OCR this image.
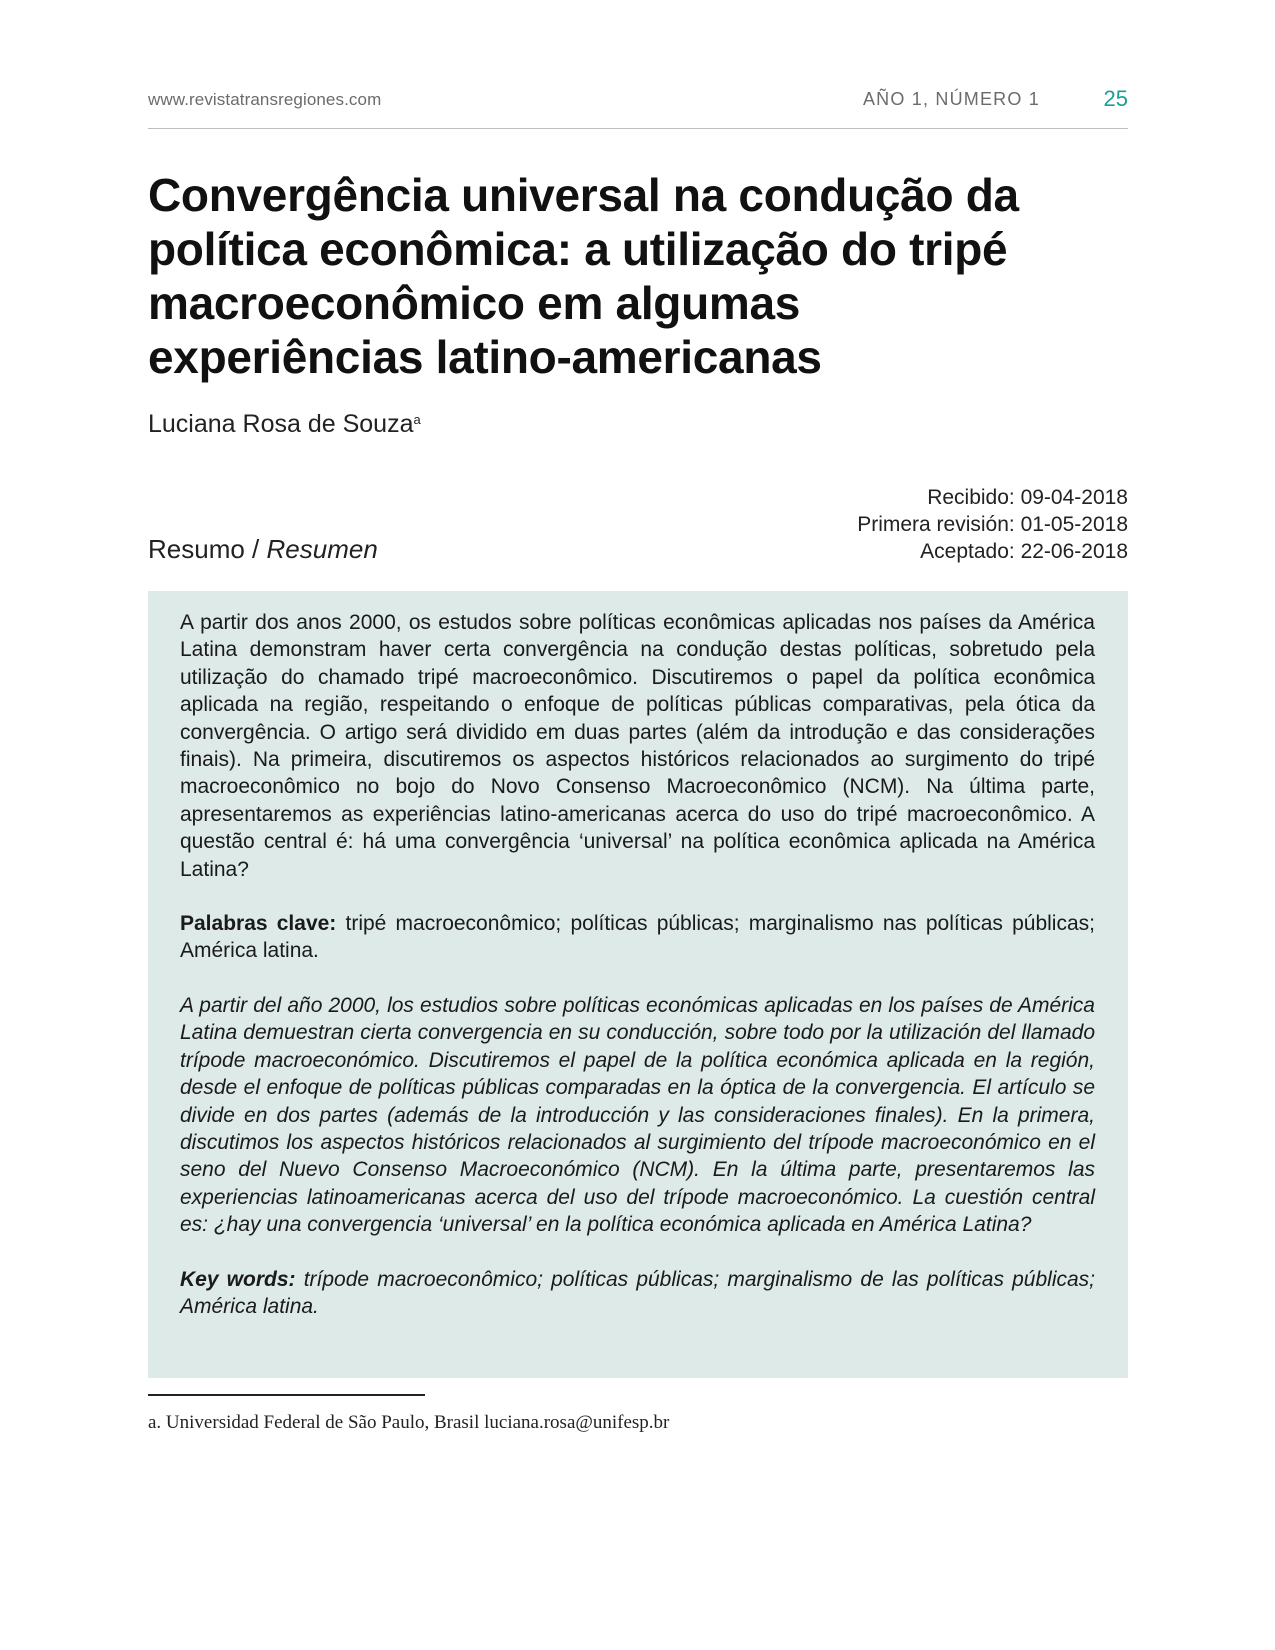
www.revistatransregiones.com	AÑO 1, NÚMERO 1	25
Convergência universal na condução da política econômica: a utilização do tripé macroeconômico em algumas experiências latino-americanas
Luciana Rosa de Souza$^a$
Recibido: 09-04-2018
Primera revisión: 01-05-2018
Aceptado: 22-06-2018
Resumo / Resumen

A partir dos anos 2000, os estudos sobre políticas econômicas aplicadas nos países da América Latina demonstram haver certa convergência na condução destas políticas, sobretudo pela utilização do chamado tripé macroeconômico. Discutiremos o papel da política econômica aplicada na região, respeitando o enfoque de políticas públicas comparativas, pela ótica da convergência. O artigo será dividido em duas partes (além da introdução e das considerações finais). Na primeira, discutiremos os aspectos históricos relacionados ao surgimento do tripé macroeconômico no bojo do Novo Consenso Macroeconômico (NCM). Na última parte, apresentaremos as experiências latino-americanas acerca do uso do tripé macroeconômico. A questão central é: há uma convergência ‘universal’ na política econômica aplicada na América Latina?

Palabras clave: tripé macroeconômico; políticas públicas; marginalismo nas políticas públicas; América latina.

A partir del año 2000, los estudios sobre políticas económicas aplicadas en los países de América Latina demuestran cierta convergencia en su conducción, sobre todo por la utilización del llamado trípode macroeconómico. Discutiremos el papel de la política económica aplicada en la región, desde el enfoque de políticas públicas comparadas en la óptica de la convergencia. El artículo se divide en dos partes (además de la introducción y las consideraciones finales). En la primera, discutimos los aspectos históricos relacionados al surgimiento del trípode macroeconómico en el seno del Nuevo Consenso Macroeconómico (NCM). En la última parte, presentaremos las experiencias latinoamericanas acerca del uso del trípode macroeconómico. La cuestión central es: ¿hay una convergencia ‘universal’ en la política económica aplicada en América Latina?

Key words: trípode macroeconômico; políticas públicas; marginalismo de las políticas públicas; América latina.

a. Universidad Federal de São Paulo, Brasil luciana.rosa@unifesp.br
